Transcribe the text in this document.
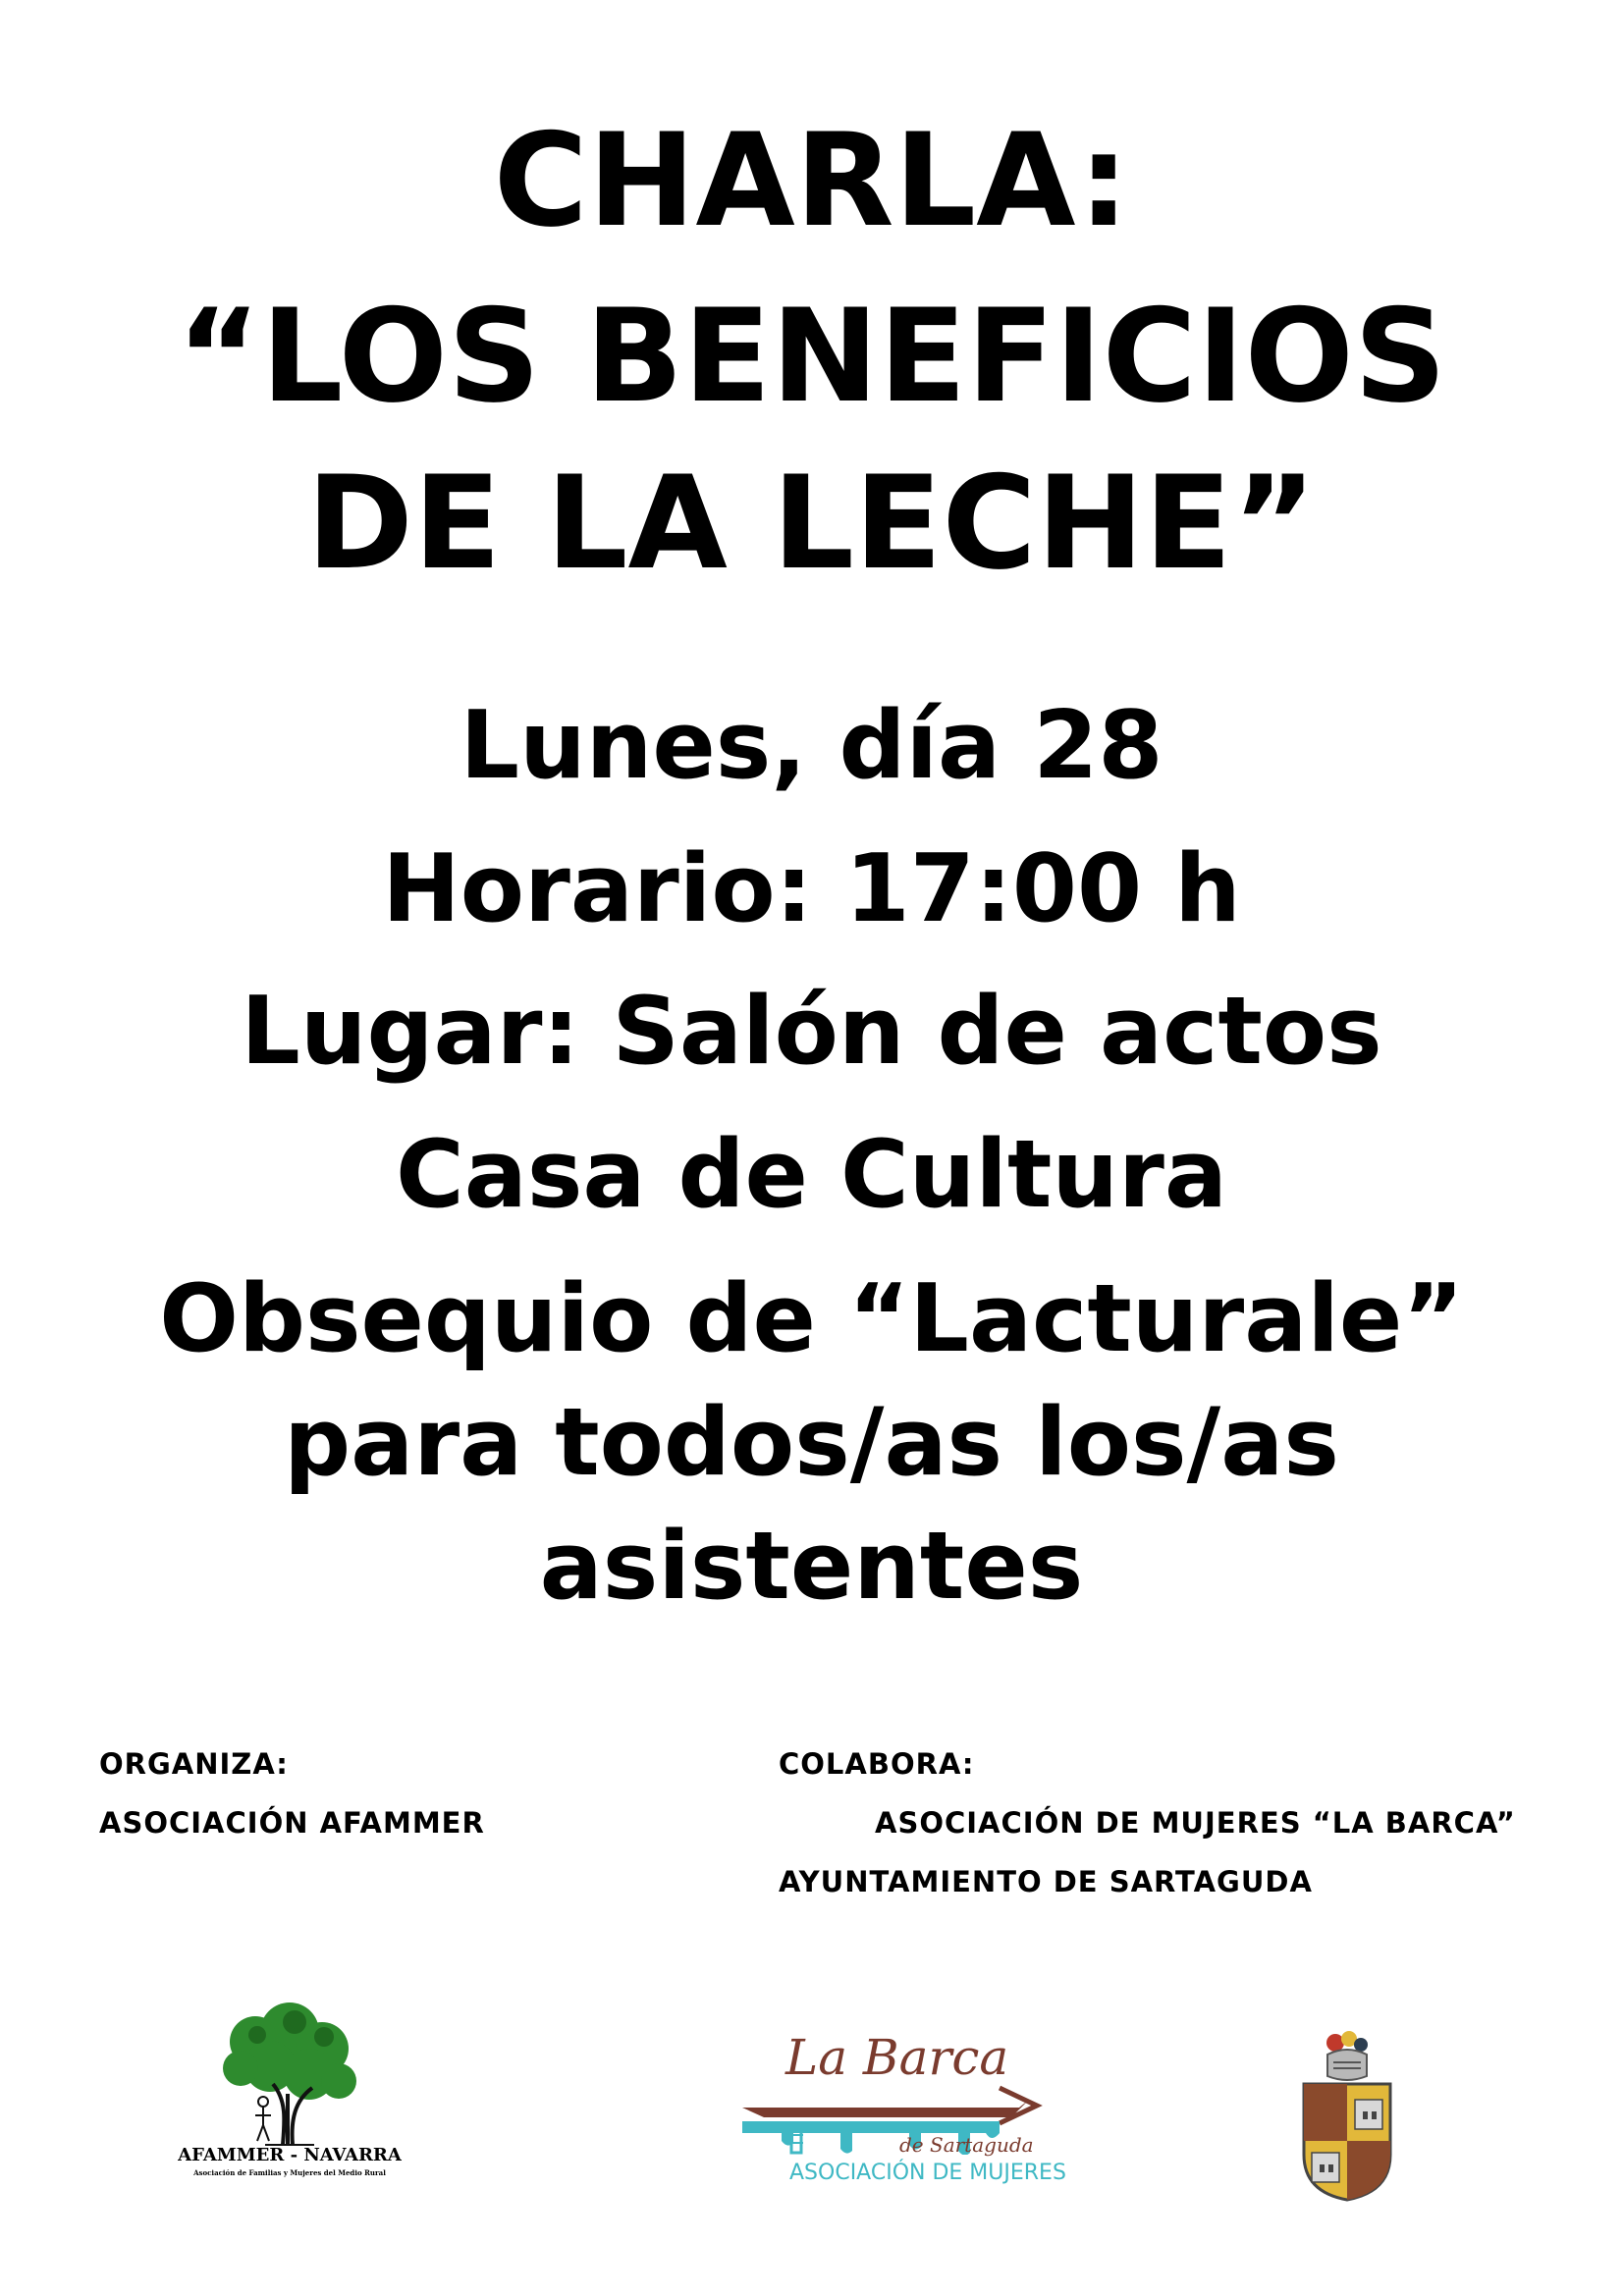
CHARLA:
“LOS BENEFICIOS
DE LA LECHE”
Lunes, día 28
Horario: 17:00 h
Lugar: Salón de actos
Casa de Cultura
Obsequio de “Lacturale”
para todos/as los/as
asistentes
ORGANIZA:
ASOCIACIÓN AFAMMER
COLABORA:
ASOCIACIÓN DE MUJERES “LA BARCA”
AYUNTAMIENTO DE SARTAGUDA
AFAMMER - NAVARRA
Asociación de Familias y Mujeres del Medio Rural
La Barca
de Sartaguda
ASOCIACIÓN DE MUJERES
